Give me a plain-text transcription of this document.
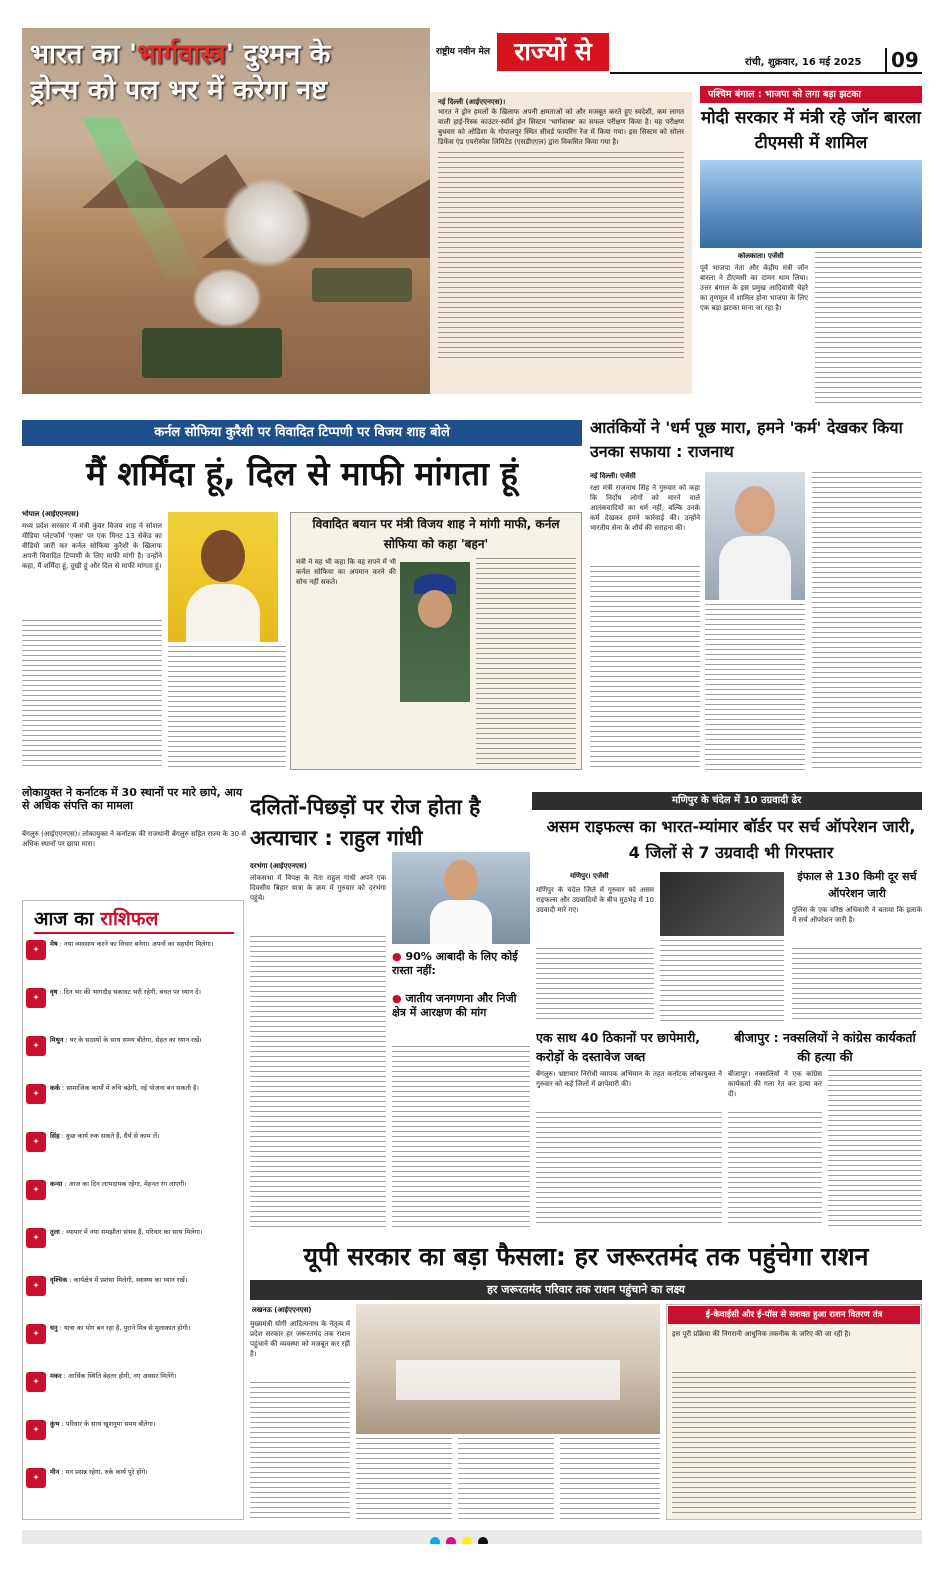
राष्ट्रीय नवीन मेल राज्यों से	रांची, शुक्रवार, 16 मई 2025	09
भारत का 'भार्गवास्त्र' दुश्मन के
ड्रोन्स को पल भर में करेगा नष्ट	नई दिल्ली (आईएएनएस)।
भारत ने ड्रोन हमलों के खिलाफ अपनी क्षमताओं को और मजबूत करते हुए स्वदेशी, कम लागत वाली हाई-रिस्क काउंटर-स्वॉर्म ड्रोन सिस्टम 'भार्गवास्त्र' का सफल परीक्षण किया है। यह परीक्षण बुधवार को ओडिशा के गोपालपुर स्थित सीवर्ड फायरिंग रेंज में किया गया। इस सिस्टम को सोलर डिफेंस एंड एयरोस्पेस लिमिटेड (एसडीएएल) द्वारा विकसित किया गया है।
पश्चिम बंगाल : भाजपा को लगा बड़ा झटका
मोदी सरकार में मंत्री रहे जॉन बारला टीएमसी में शामिल
कोलकाता। एजेंसी
पूर्व भाजपा नेता और केंद्रीय मंत्री जॉन बारला ने टीएमसी का दामन थाम लिया। उत्तर बंगाल के इस प्रमुख आदिवासी चेहरे का तृणमूल में शामिल होना भाजपा के लिए एक बड़ा झटका माना जा रहा है।
कर्नल सोफिया कुरैशी पर विवादित टिप्पणी पर विजय शाह बोले
मैं शर्मिंदा हूं, दिल से माफी मांगता हूं
भोपाल (आईएएनएस)
मध्य प्रदेश सरकार में मंत्री कुंवर विजय शाह ने सोशल मीडिया प्लेटफॉर्म 'एक्स' पर एक मिनट 13 सेकेंड का वीडियो जारी कर कर्नल सोफिया कुरैशी के खिलाफ अपनी विवादित टिप्पणी के लिए माफी मांगी है। उन्होंने कहा, मैं शर्मिंदा हूं, दुखी हूं और दिल से माफी मांगता हूं।
विवादित बयान पर मंत्री विजय शाह ने मांगी माफी, कर्नल सोफिया को कहा 'बहन'
मंत्री ने यह भी कहा कि वह सपने में भी कर्नल सोफिया का अपमान करने की सोच नहीं सकते।
आतंकियों ने 'धर्म पूछ मारा, हमने 'कर्म' देखकर किया उनका सफाया : राजनाथ
नई दिल्ली। एजेंसी
रक्षा मंत्री राजनाथ सिंह ने गुरुवार को कहा कि निर्दोष लोगों को मारने वाले आतंकवादियों का धर्म नहीं, बल्कि उनके कर्म देखकर हमने कार्रवाई की। उन्होंने भारतीय सेना के शौर्य की सराहना की।
लोकायुक्त ने कर्नाटक में 30 स्थानों पर मारे छापे, आय से अधिक संपत्ति का मामला
बेंगलुरु (आईएएनएस)। लोकायुक्त ने कर्नाटक की राजधानी बेंगलुरु सहित राज्य के 30 से अधिक स्थानों पर छापा मारा।
दलितों-पिछड़ों पर रोज होता है अत्याचार : राहुल गांधी
दरभंगा (आईएएनएस)
लोकसभा में विपक्ष के नेता राहुल गांधी अपने एक दिवसीय बिहार यात्रा के क्रम में गुरुवार को दरभंगा पहुंचे।
● 90% आबादी के लिए कोई रास्ता नहीं:
● जातीय जनगणना और निजी क्षेत्र में आरक्षण की मांग
आज का राशिफल
मणिपुर के चंदेल में 10 उग्रवादी ढेर
असम राइफल्स का भारत-म्यांमार बॉर्डर पर सर्च ऑपरेशन जारी, 4 जिलों से 7 उग्रवादी भी गिरफ्तार
मणिपुर। एजेंसी
मणिपुर के चंदेल जिले में गुरुवार को असम राइफल्स और उग्रवादियों के बीच मुठभेड़ में 10 उग्रवादी मारे गए।
इंफाल से 130 किमी दूर सर्च ऑपरेशन जारी
पुलिस के एक वरिष्ठ अधिकारी ने बताया कि इलाके में सर्च ऑपरेशन जारी है।
एक साथ 40 ठिकानों पर छापेमारी, करोड़ों के दस्तावेज जब्त
बेंगलुरु। भ्रष्टाचार निरोधी व्यापक अभियान के तहत कर्नाटक लोकायुक्त ने गुरुवार को कई जिलों में छापेमारी की।
बीजापुर : नक्सलियों ने कांग्रेस कार्यकर्ता की हत्या की
बीजापुर। नक्सलियों ने एक कांग्रेस कार्यकर्ता की गला रेत कर हत्या कर दी।
यूपी सरकार का बड़ा फैसला: हर जरूरतमंद तक पहुंचेगा राशन
हर जरूरतमंद परिवार तक राशन पहुंचाने का लक्ष्य
लखनऊ (आईएएनएस)
मुख्यमंत्री योगी आदित्यनाथ के नेतृत्व में प्रदेश सरकार हर जरूरतमंद तक राशन पहुंचाने की व्यवस्था को मजबूत कर रही है।
ई-केवाईसी और ई-पॉस से सशक्त हुआ राशन वितरण तंत्र
इस पूरी प्रक्रिया की निगरानी आधुनिक तकनीक के जरिए की जा रही है।
✦
मेष : नया व्यवसाय करने का विचार बनेगा। अपनों का सहयोग मिलेगा।
✦
वृष : दिन भर की भागदौड़ थकावट भरी रहेगी, बचत पर ध्यान दें।
✦
मिथुन : घर के सदस्यों के साथ समय बीतेगा, सेहत का ध्यान रखें।
✦
कर्क : सामाजिक कार्यों में रुचि बढ़ेगी, नई योजना बन सकती है।
✦
सिंह : कुछ कार्य रुक सकते हैं, धैर्य से काम लें।
✦
कन्या : आज का दिन लाभदायक रहेगा, मेहनत रंग लाएगी।
✦
तुला : व्यापार में नया समझौता संभव है, परिवार का साथ मिलेगा।
✦
वृश्चिक : कार्यक्षेत्र में प्रशंसा मिलेगी, स्वास्थ्य का ध्यान रखें।
✦
धनु : यात्रा का योग बन रहा है, पुराने मित्र से मुलाकात होगी।
✦
मकर : आर्थिक स्थिति बेहतर होगी, नए अवसर मिलेंगे।
✦
कुंभ : परिवार के साथ खुशनुमा समय बीतेगा।
✦
मीन : मन प्रसन्न रहेगा, रुके कार्य पूरे होंगे।
